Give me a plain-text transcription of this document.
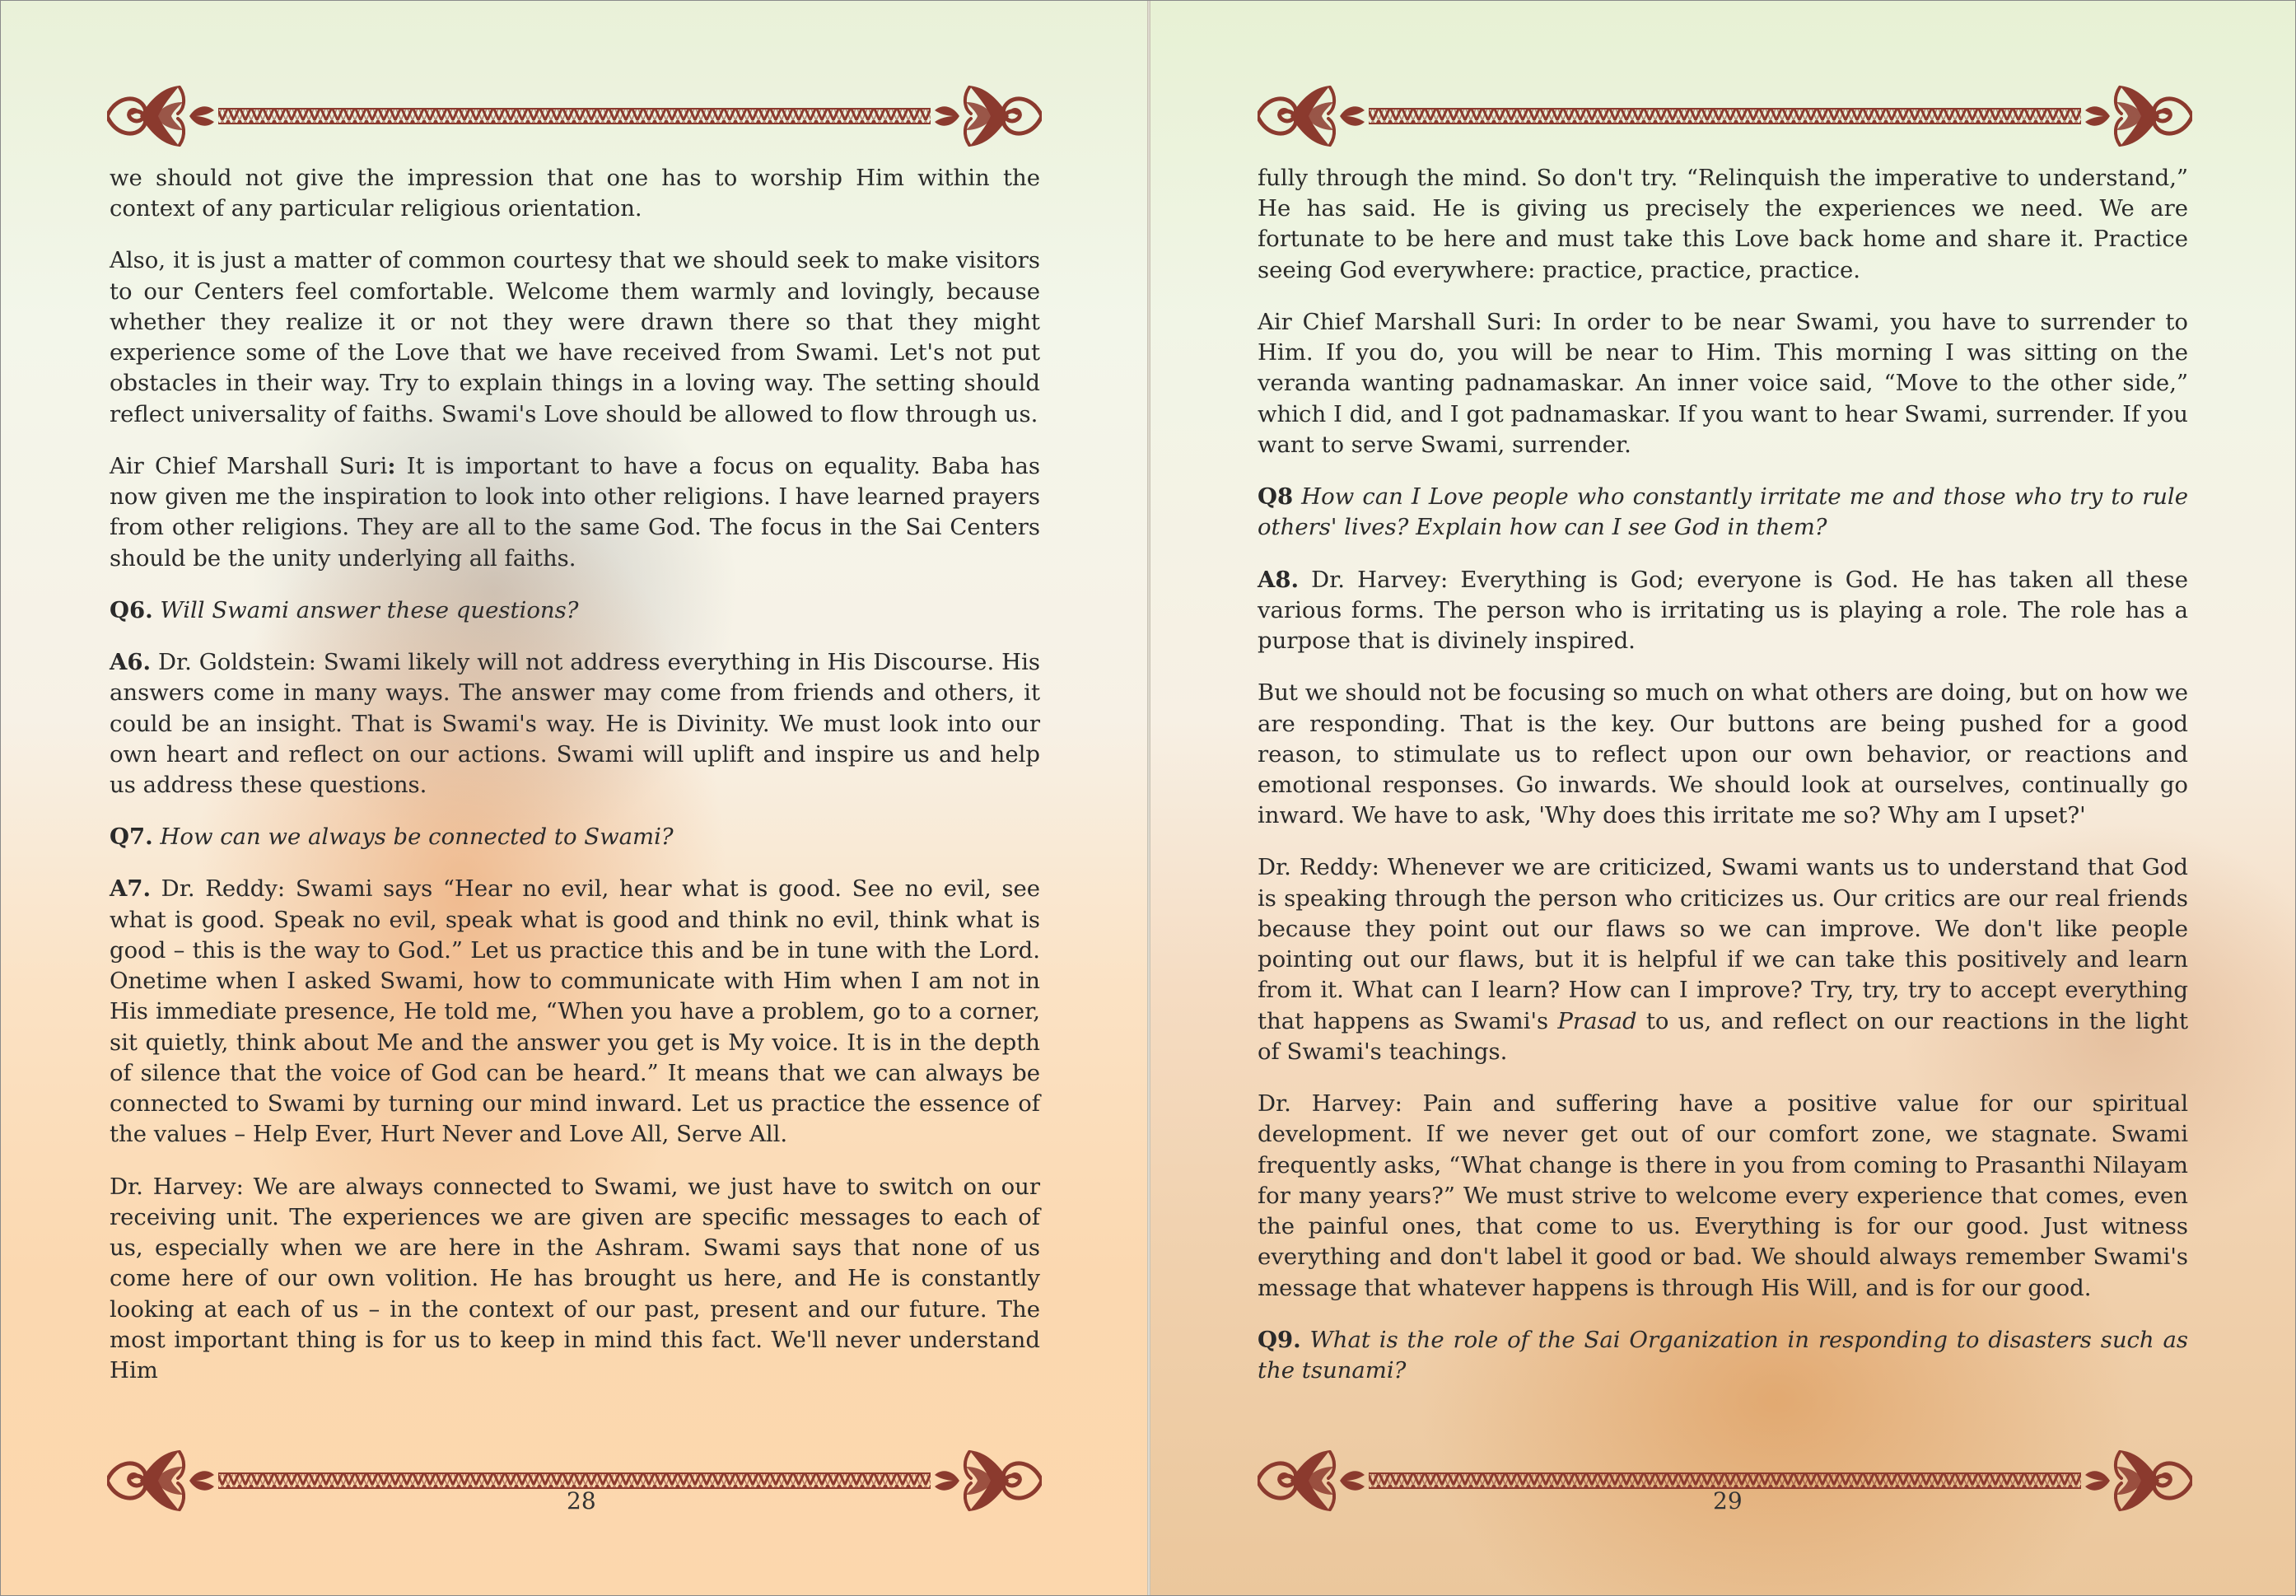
we should not give the impression that one has to worship Him within the context of any particular religious orientation.

Also, it is just a matter of common courtesy that we should seek to make visitors to our Centers feel comfortable. Welcome them warmly and lovingly, because whether they realize it or not they were drawn there so that they might experience some of the Love that we have received from Swami. Let's not put obstacles in their way. Try to explain things in a loving way. The setting should reflect universality of faiths. Swami's Love should be allowed to flow through us.

Air Chief Marshall Suri: It is important to have a focus on equality. Baba has now given me the inspiration to look into other religions. I have learned prayers from other religions. They are all to the same God. The focus in the Sai Centers should be the unity underlying all faiths.

Q6. Will Swami answer these questions?

A6. Dr. Goldstein: Swami likely will not address everything in His Discourse. His answers come in many ways. The answer may come from friends and others, it could be an insight. That is Swami's way. He is Divinity. We must look into our own heart and reflect on our actions. Swami will uplift and inspire us and help us address these questions.

Q7. How can we always be connected to Swami?

A7. Dr. Reddy: Swami says “Hear no evil, hear what is good. See no evil, see what is good. Speak no evil, speak what is good and think no evil, think what is good – this is the way to God.” Let us practice this and be in tune with the Lord. Onetime when I asked Swami, how to communicate with Him when I am not in His immediate presence, He told me, “When you have a problem, go to a corner, sit quietly, think about Me and the answer you get is My voice. It is in the depth of silence that the voice of God can be heard.” It means that we can always be connected to Swami by turning our mind inward. Let us practice the essence of the values – Help Ever, Hurt Never and Love All, Serve All.

Dr. Harvey: We are always connected to Swami, we just have to switch on our receiving unit. The experiences we are given are specific messages to each of us, especially when we are here in the Ashram. Swami says that none of us come here of our own volition. He has brought us here, and He is constantly looking at each of us – in the context of our past, present and our future. The most important thing is for us to keep in mind this fact. We'll never understand Him

28

fully through the mind. So don't try. “Relinquish the imperative to understand,” He has said. He is giving us precisely the experiences we need. We are fortunate to be here and must take this Love back home and share it. Practice seeing God everywhere: practice, practice, practice.

Air Chief Marshall Suri: In order to be near Swami, you have to surrender to Him. If you do, you will be near to Him. This morning I was sitting on the veranda wanting padnamaskar. An inner voice said, “Move to the other side,” which I did, and I got padnamaskar. If you want to hear Swami, surrender. If you want to serve Swami, surrender.

Q8 How can I Love people who constantly irritate me and those who try to rule others' lives? Explain how can I see God in them?

A8. Dr. Harvey: Everything is God; everyone is God. He has taken all these various forms. The person who is irritating us is playing a role. The role has a purpose that is divinely inspired.

But we should not be focusing so much on what others are doing, but on how we are responding. That is the key. Our buttons are being pushed for a good reason, to stimulate us to reflect upon our own behavior, or reactions and emotional responses. Go inwards. We should look at ourselves, continually go inward. We have to ask, 'Why does this irritate me so? Why am I upset?'

Dr. Reddy: Whenever we are criticized, Swami wants us to understand that God is speaking through the person who criticizes us. Our critics are our real friends because they point out our flaws so we can improve. We don't like people pointing out our flaws, but it is helpful if we can take this positively and learn from it. What can I learn? How can I improve? Try, try, try to accept everything that happens as Swami's Prasad to us, and reflect on our reactions in the light of Swami's teachings.

Dr. Harvey: Pain and suffering have a positive value for our spiritual development. If we never get out of our comfort zone, we stagnate. Swami frequently asks, “What change is there in you from coming to Prasanthi Nilayam for many years?” We must strive to welcome every experience that comes, even the painful ones, that come to us. Everything is for our good. Just witness everything and don't label it good or bad. We should always remember Swami's message that whatever happens is through His Will, and is for our good.

Q9. What is the role of the Sai Organization in responding to disasters such as the tsunami?

29
